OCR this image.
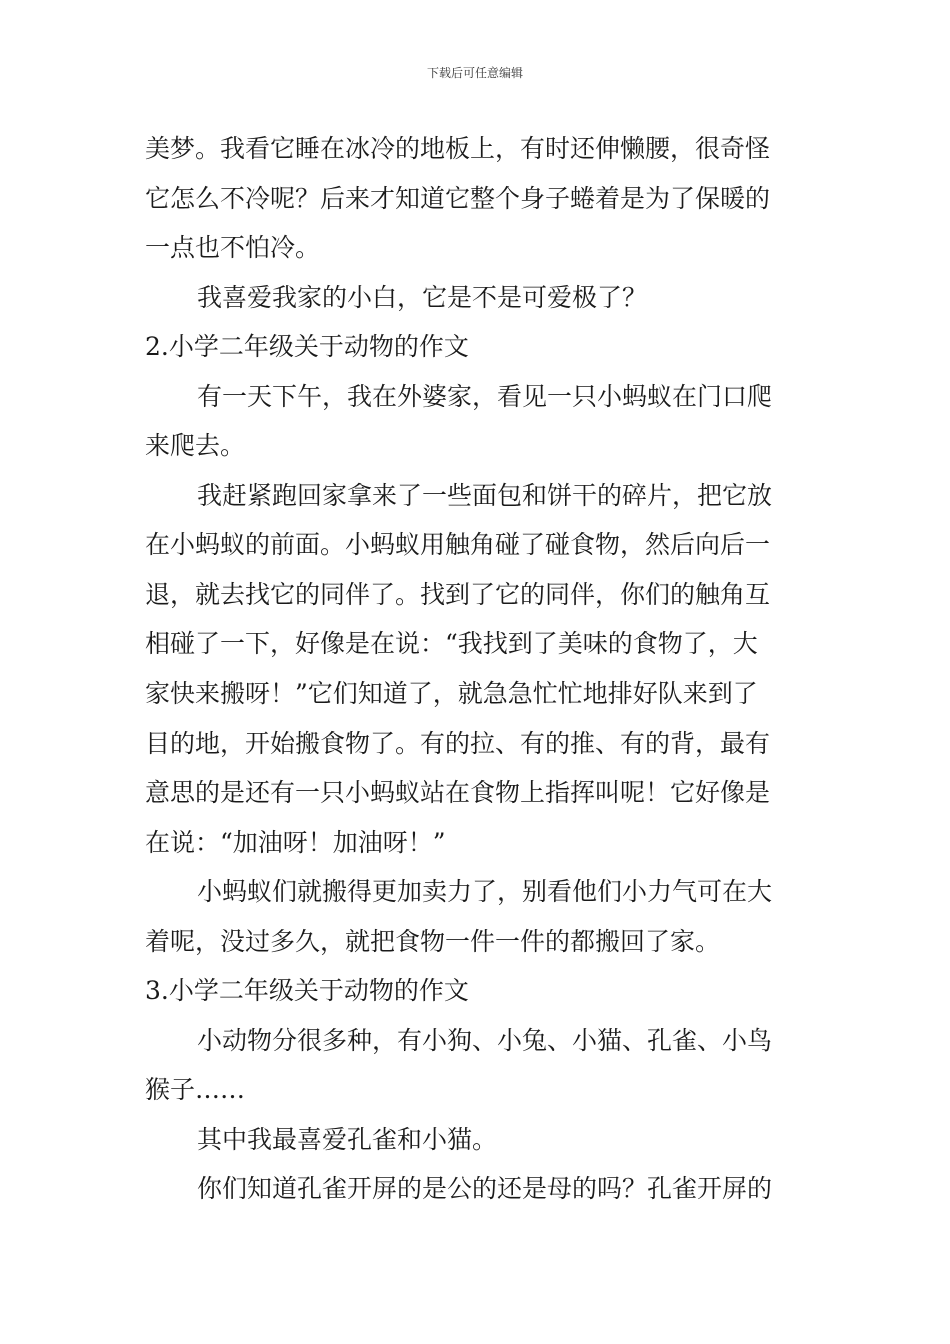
下载后可任意编辑
美梦。我看它睡在冰冷的地板上，有时还伸懒腰，很奇怪
它怎么不冷呢？后来才知道它整个身子蜷着是为了保暖的
一点也不怕冷。
我喜爱我家的小白，它是不是可爱极了？
2.小学二年级关于动物的作文
有一天下午，我在外婆家，看见一只小蚂蚁在门口爬
来爬去。
我赶紧跑回家拿来了一些面包和饼干的碎片，把它放
在小蚂蚁的前面。小蚂蚁用触角碰了碰食物，然后向后一
退，就去找它的同伴了。找到了它的同伴，你们的触角互
相碰了一下，好像是在说：“我找到了美味的食物了，大
家快来搬呀！”它们知道了，就急急忙忙地排好队来到了
目的地，开始搬食物了。有的拉、有的推、有的背，最有
意思的是还有一只小蚂蚁站在食物上指挥叫呢！它好像是
在说：“加油呀！加油呀！”
小蚂蚁们就搬得更加卖力了，别看他们小力气可在大
着呢，没过多久，就把食物一件一件的都搬回了家。
3.小学二年级关于动物的作文
小动物分很多种，有小狗、小兔、小猫、孔雀、小鸟
猴子……
其中我最喜爱孔雀和小猫。
你们知道孔雀开屏的是公的还是母的吗？孔雀开屏的
